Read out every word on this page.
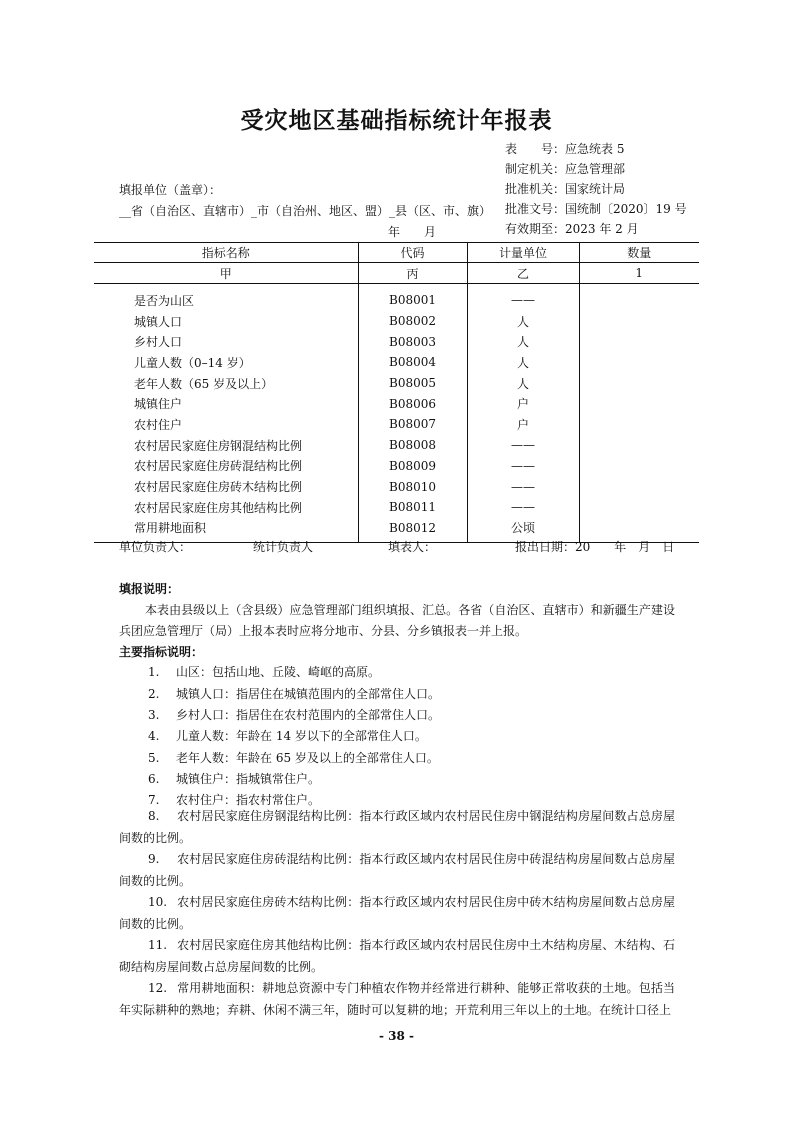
受灾地区基础指标统计年报表
表　　号：应急统表 5
制定机关：应急管理部
批准机关：国家统计局
批准文号：国统制〔2020〕19 号
有效期至：2023 年 2 月
填报单位（盖章）：
__省（自治区、直辖市）_市（自治州、地区、盟）_县（区、市、旗）
年　　月
指标名称	代码	计量单位	数量
甲	丙	乙	1
是否为山区	B08001	——	
城镇人口	B08002	人	
乡村人口	B08003	人	
儿童人数（0–14 岁）	B08004	人	
老年人数（65 岁及以上）	B08005	人	
城镇住户	B08006	户	
农村住户	B08007	户	
农村居民家庭住房钢混结构比例	B08008	——	
农村居民家庭住房砖混结构比例	B08009	——	
农村居民家庭住房砖木结构比例	B08010	——	
农村居民家庭住房其他结构比例	B08011	——	
常用耕地面积	B08012	公顷	
单位负责人：	统计负责人	填表人：	报出日期：20　　年　月　日
填报说明：
本表由县级以上（含县级）应急管理部门组织填报、汇总。各省（自治区、直辖市）和新疆生产建设兵团应急管理厅（局）上报本表时应将分地市、分县、分乡镇报表一并上报。
主要指标说明：
1. 山区：包括山地、丘陵、崎岖的高原。
2. 城镇人口：指居住在城镇范围内的全部常住人口。
3. 乡村人口：指居住在农村范围内的全部常住人口。
4. 儿童人数：年龄在 14 岁以下的全部常住人口。
5. 老年人数：年龄在 65 岁及以上的全部常住人口。
6. 城镇住户：指城镇常住户。
7. 农村住户：指农村常住户。
8. 农村居民家庭住房钢混结构比例：指本行政区域内农村居民住房中钢混结构房屋间数占总房屋间数的比例。
9. 农村居民家庭住房砖混结构比例：指本行政区域内农村居民住房中砖混结构房屋间数占总房屋间数的比例。
10. 农村居民家庭住房砖木结构比例：指本行政区域内农村居民住房中砖木结构房屋间数占总房屋间数的比例。
11. 农村居民家庭住房其他结构比例：指本行政区域内农村居民住房中土木结构房屋、木结构、石砌结构房屋间数占总房屋间数的比例。
12. 常用耕地面积：耕地总资源中专门种植农作物并经常进行耕种、能够正常收获的土地。包括当年实际耕种的熟地；弃耕、休闲不满三年，随时可以复耕的地；开荒利用三年以上的土地。在统计口径上
- 38 -
